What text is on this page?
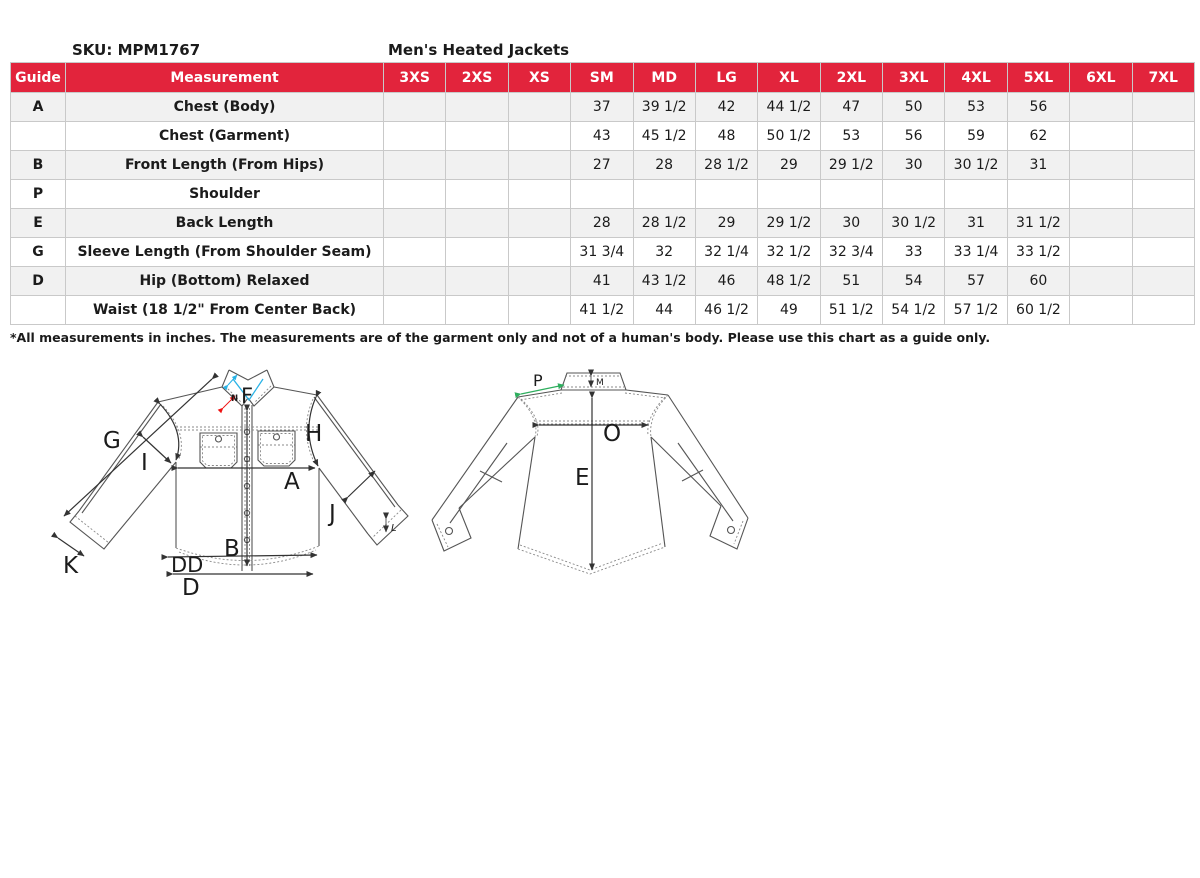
SKU: MPM1767	Men's Heated Jackets
Guide	Measurement	3XS	2XS	XS	SM	MD	LG	XL	2XL	3XL	4XL	5XL	6XL	7XL
A	Chest (Body)				37	39 1/2	42	44 1/2	47	50	53	56		
	Chest (Garment)				43	45 1/2	48	50 1/2	53	56	59	62		
B	Front Length (From Hips)				27	28	28 1/2	29	29 1/2	30	30 1/2	31		
P	Shoulder													
E	Back Length				28	28 1/2	29	29 1/2	30	30 1/2	31	31 1/2		
G	Sleeve Length (From Shoulder Seam)				31 3/4	32	32 1/4	32 1/2	32 3/4	33	33 1/4	33 1/2		
D	Hip (Bottom) Relaxed				41	43 1/2	46	48 1/2	51	54	57	60		
	Waist (18 1/2" From Center Back)				41 1/2	44	46 1/2	49	51 1/2	54 1/2	57 1/2	60 1/2		
*All measurements in inches. The measurements are of the garment only and not of a human's body. Please use this chart as a guide only.
G
I
F
N
H
A
J
B
K	DD
D
L
P	M
O
E
